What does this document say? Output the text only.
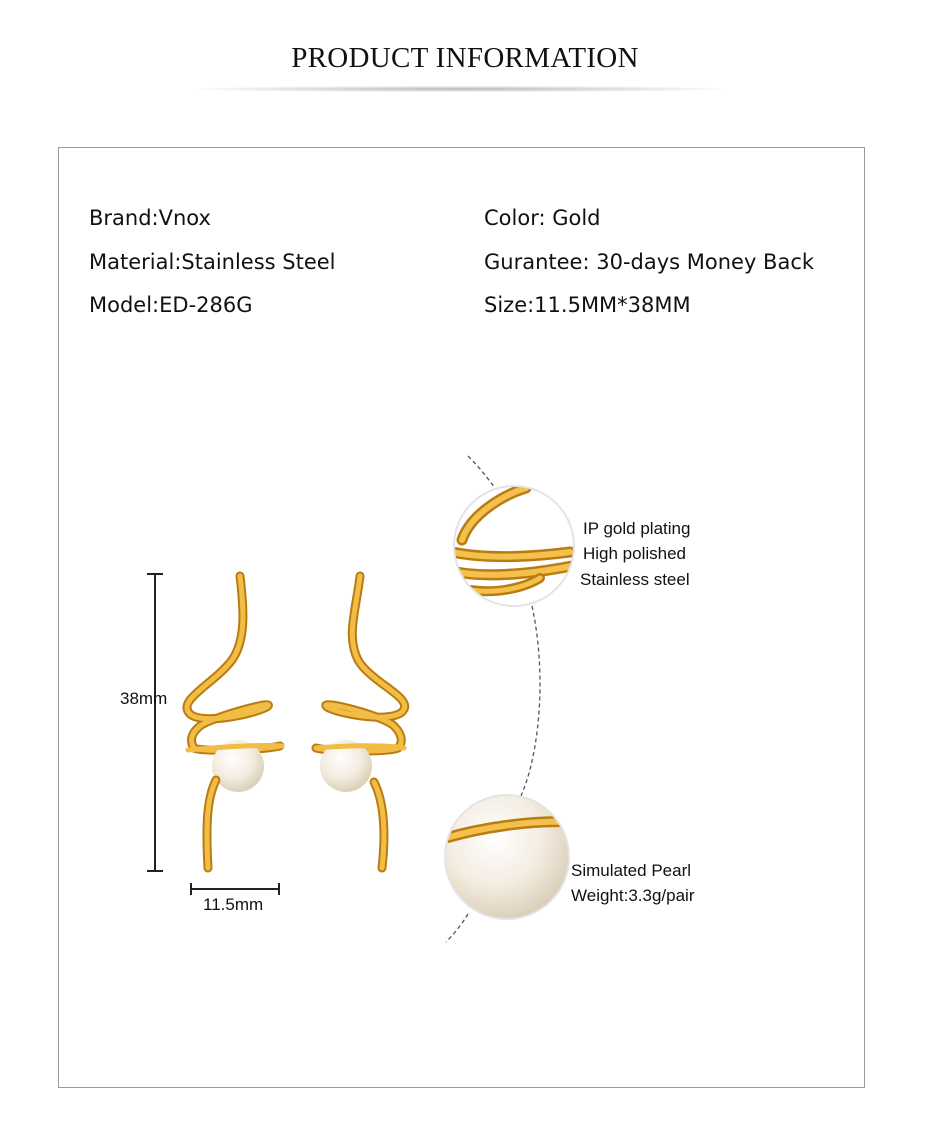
PRODUCT INFORMATION
Brand:Vnox
Material:Stainless Steel
Model:ED-286G
Color: Gold
Gurantee: 30-days Money Back
Size:11.5MM*38MM
38mm
11.5mm
IP gold plating
High polished
Stainless steel
Simulated Pearl
Weight:3.3g/pair
